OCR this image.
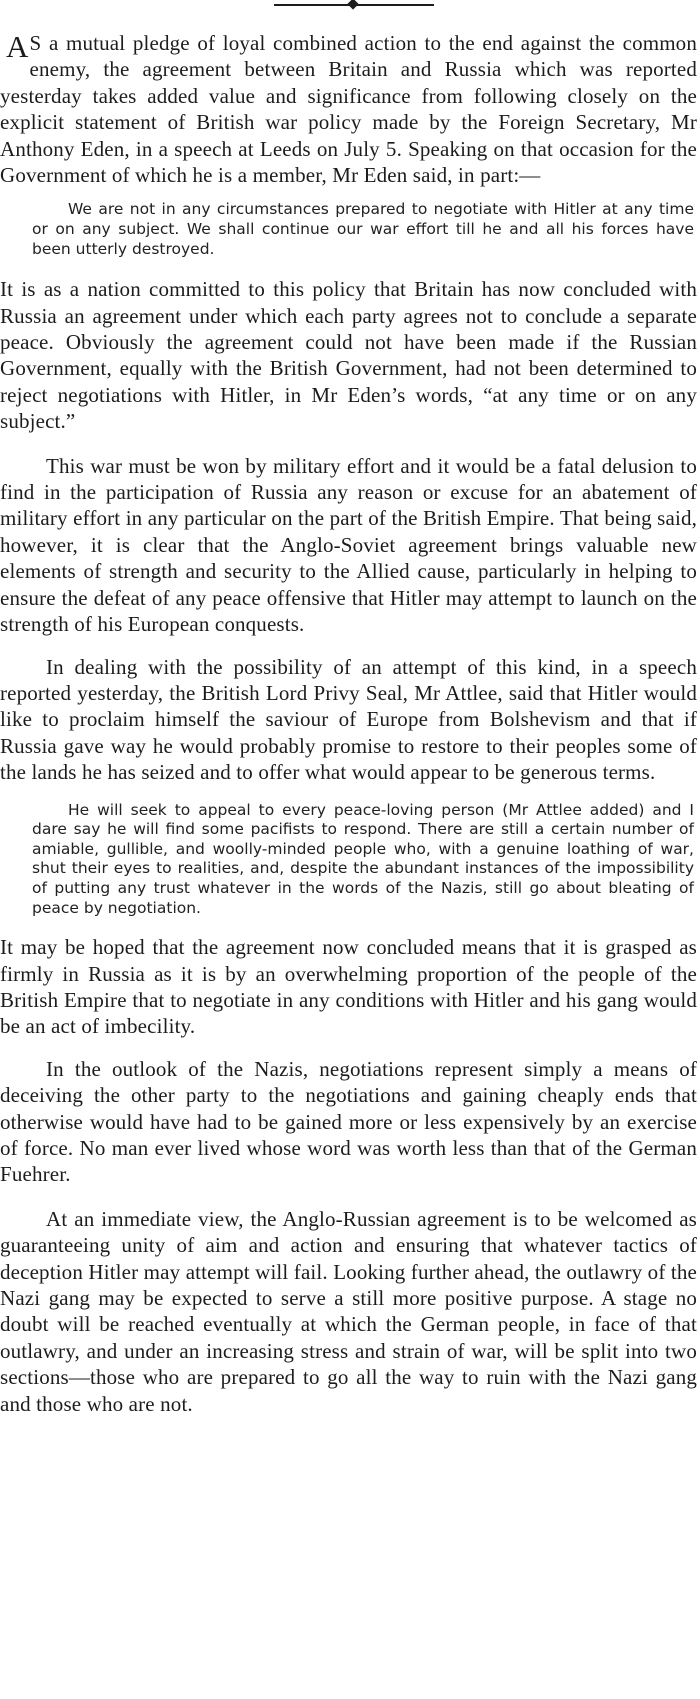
A S a mutual pledge of loyal combined action to the end against the common enemy, the agreement between Britain and Russia which was reported yesterday takes added value and significance from following closely on the explicit statement of British war policy made by the Foreign Secretary, Mr Anthony Eden, in a speech at Leeds on July 5. Speaking on that occasion for the Government of which he is a member, Mr Eden said, in part:—

We are not in any circumstances prepared to negotiate with Hitler at any time or on any subject. We shall continue our war effort till he and all his forces have been utterly destroyed.

It is as a nation committed to this policy that Britain has now concluded with Russia an agreement under which each party agrees not to conclude a separate peace. Obviously the agreement could not have been made if the Russian Government, equally with the British Government, had not been determined to reject negotiations with Hitler, in Mr Eden’s words, “at any time or on any subject.”

This war must be won by military effort and it would be a fatal delusion to find in the participation of Russia any reason or excuse for an abatement of military effort in any particular on the part of the British Empire. That being said, however, it is clear that the Anglo-Soviet agreement brings valuable new elements of strength and security to the Allied cause, particularly in helping to ensure the defeat of any peace offensive that Hitler may attempt to launch on the strength of his European conquests.

In dealing with the possibility of an attempt of this kind, in a speech reported yesterday, the British Lord Privy Seal, Mr Attlee, said that Hitler would like to proclaim himself the saviour of Europe from Bolshevism and that if Russia gave way he would probably promise to restore to their peoples some of the lands he has seized and to offer what would appear to be generous terms.

He will seek to appeal to every peace-loving person (Mr Attlee added) and I dare say he will find some pacifists to respond. There are still a certain number of amiable, gullible, and woolly-minded people who, with a genuine loathing of war, shut their eyes to realities, and, despite the abundant instances of the impossibility of putting any trust whatever in the words of the Nazis, still go about bleating of peace by negotiation.

It may be hoped that the agreement now concluded means that it is grasped as firmly in Russia as it is by an overwhelming proportion of the people of the British Empire that to negotiate in any conditions with Hitler and his gang would be an act of imbecility.

In the outlook of the Nazis, negotiations represent simply a means of deceiving the other party to the negotiations and gaining cheaply ends that otherwise would have had to be gained more or less expensively by an exercise of force. No man ever lived whose word was worth less than that of the German Fuehrer.

At an immediate view, the Anglo-Russian agreement is to be welcomed as guaranteeing unity of aim and action and ensuring that whatever tactics of deception Hitler may attempt will fail. Looking further ahead, the outlawry of the Nazi gang may be expected to serve a still more positive purpose. A stage no doubt will be reached eventually at which the German people, in face of that outlawry, and under an increasing stress and strain of war, will be split into two sections—those who are prepared to go all the way to ruin with the Nazi gang and those who are not.
